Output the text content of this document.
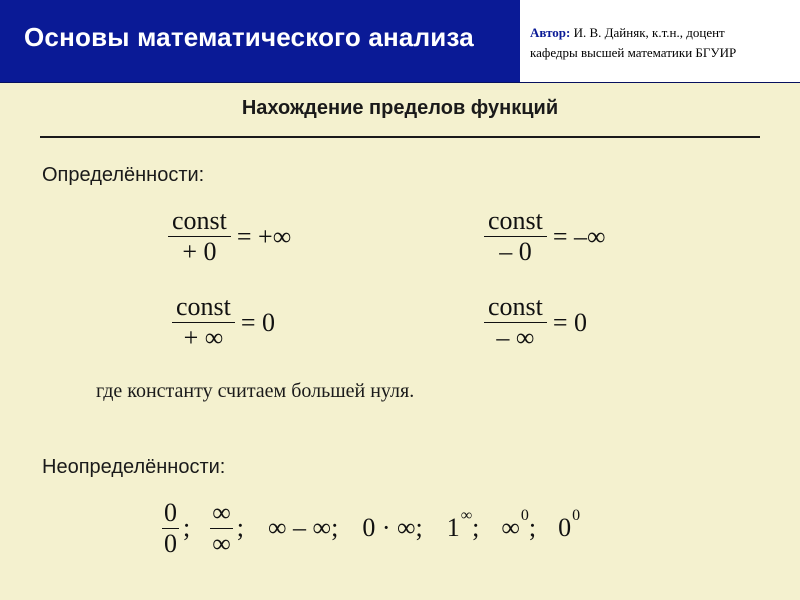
Основы математического анализа	Автор: И. В. Дайняк, к.т.н., доцент
кафедры высшей математики БГУИР
Нахождение пределов функций
Определённости:
$\frac{\text{const}}{+ 0}$ = +∞	$\frac{\text{const}}{- 0}$ = –∞
$\frac{\text{const}}{+ \infty} = 0$	$\frac{\text{const}}{- \infty} = 0$
где константу считаем большей нуля.
Неопределённости:
$\frac{0}{0}$ ; $\frac{\infty}{\infty}$ ; ∞ – ∞; 0 · ∞; 1 ∞ ; ∞ 0 ; 0 0
